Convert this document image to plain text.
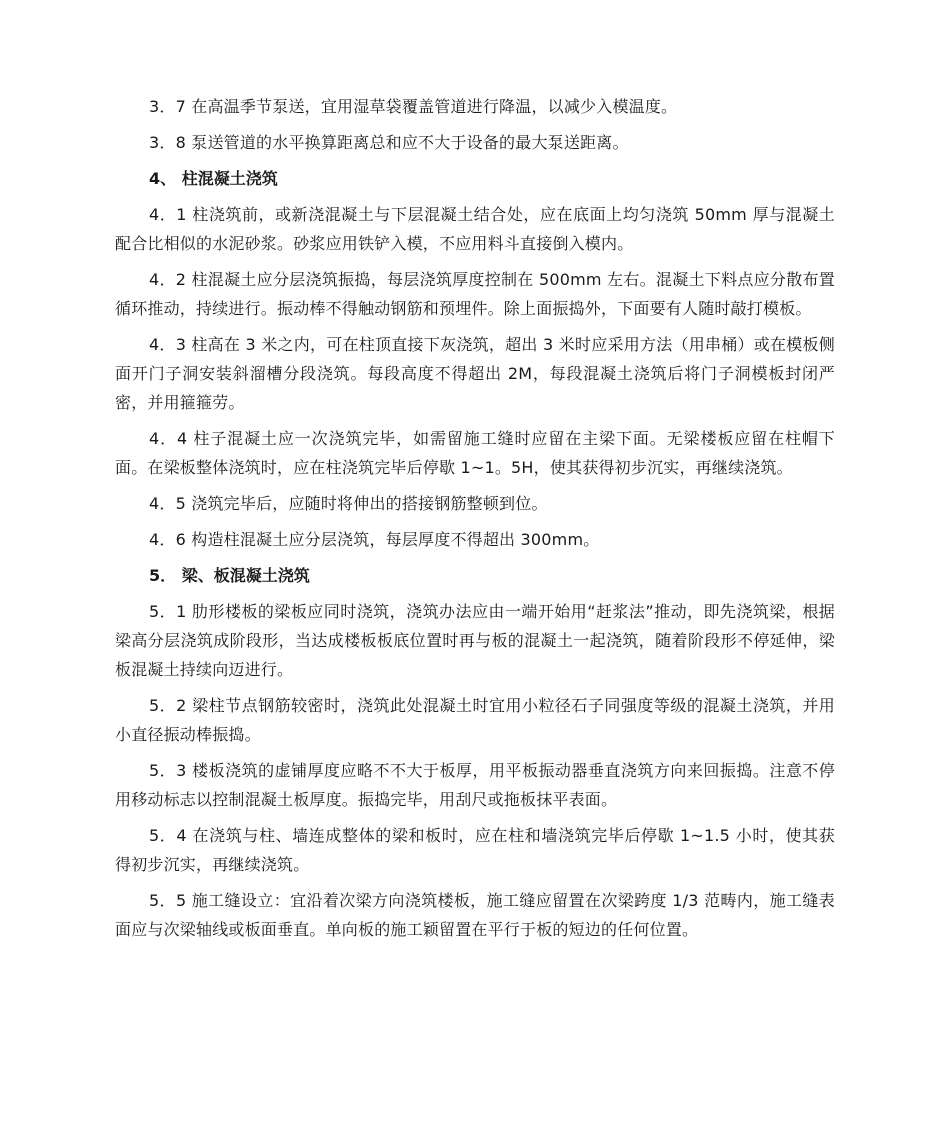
3．7 在高温季节泵送，宜用湿草袋覆盖管道进行降温，以减少入模温度。

3．8 泵送管道的水平换算距离总和应不大于设备的最大泵送距离。

4、 柱混凝土浇筑

4．1 柱浇筑前，或新浇混凝土与下层混凝土结合处，应在底面上均匀浇筑 50mm 厚与混凝土配合比相似的水泥砂浆。砂浆应用铁铲入模，不应用料斗直接倒入模内。

4．2 柱混凝土应分层浇筑振捣，每层浇筑厚度控制在 500mm 左右。混凝土下料点应分散布置循环推动，持续进行。振动棒不得触动钢筋和预埋件。除上面振捣外，下面要有人随时敲打模板。

4．3 柱高在 3 米之内，可在柱顶直接下灰浇筑，超出 3 米时应采用方法（用串桶）或在模板侧面开门子洞安装斜溜槽分段浇筑。每段高度不得超出 2M，每段混凝土浇筑后将门子洞模板封闭严密，并用箍箍劳。

4．4 柱子混凝土应一次浇筑完毕，如需留施工缝时应留在主梁下面。无梁楼板应留在柱帽下面。在梁板整体浇筑时，应在柱浇筑完毕后停歇 1~1。5H，使其获得初步沉实，再继续浇筑。

4．5 浇筑完毕后，应随时将伸出的搭接钢筋整顿到位。

4．6 构造柱混凝土应分层浇筑，每层厚度不得超出 300mm。

5． 梁、板混凝土浇筑

5．1 肋形楼板的梁板应同时浇筑，浇筑办法应由一端开始用“赶浆法”推动，即先浇筑梁，根据梁高分层浇筑成阶段形，当达成楼板板底位置时再与板的混凝土一起浇筑，随着阶段形不停延伸，梁板混凝土持续向迈进行。

5．2 梁柱节点钢筋较密时，浇筑此处混凝土时宜用小粒径石子同强度等级的混凝土浇筑，并用小直径振动棒振捣。

5．3 楼板浇筑的虚铺厚度应略不不大于板厚，用平板振动器垂直浇筑方向来回振捣。注意不停用移动标志以控制混凝土板厚度。振捣完毕，用刮尺或拖板抹平表面。

5．4 在浇筑与柱、墙连成整体的梁和板时，应在柱和墙浇筑完毕后停歇 1~1.5 小时，使其获得初步沉实，再继续浇筑。

5．5 施工缝设立：宜沿着次梁方向浇筑楼板，施工缝应留置在次梁跨度 1/3 范畴内，施工缝表面应与次梁轴线或板面垂直。单向板的施工颖留置在平行于板的短边的任何位置。
